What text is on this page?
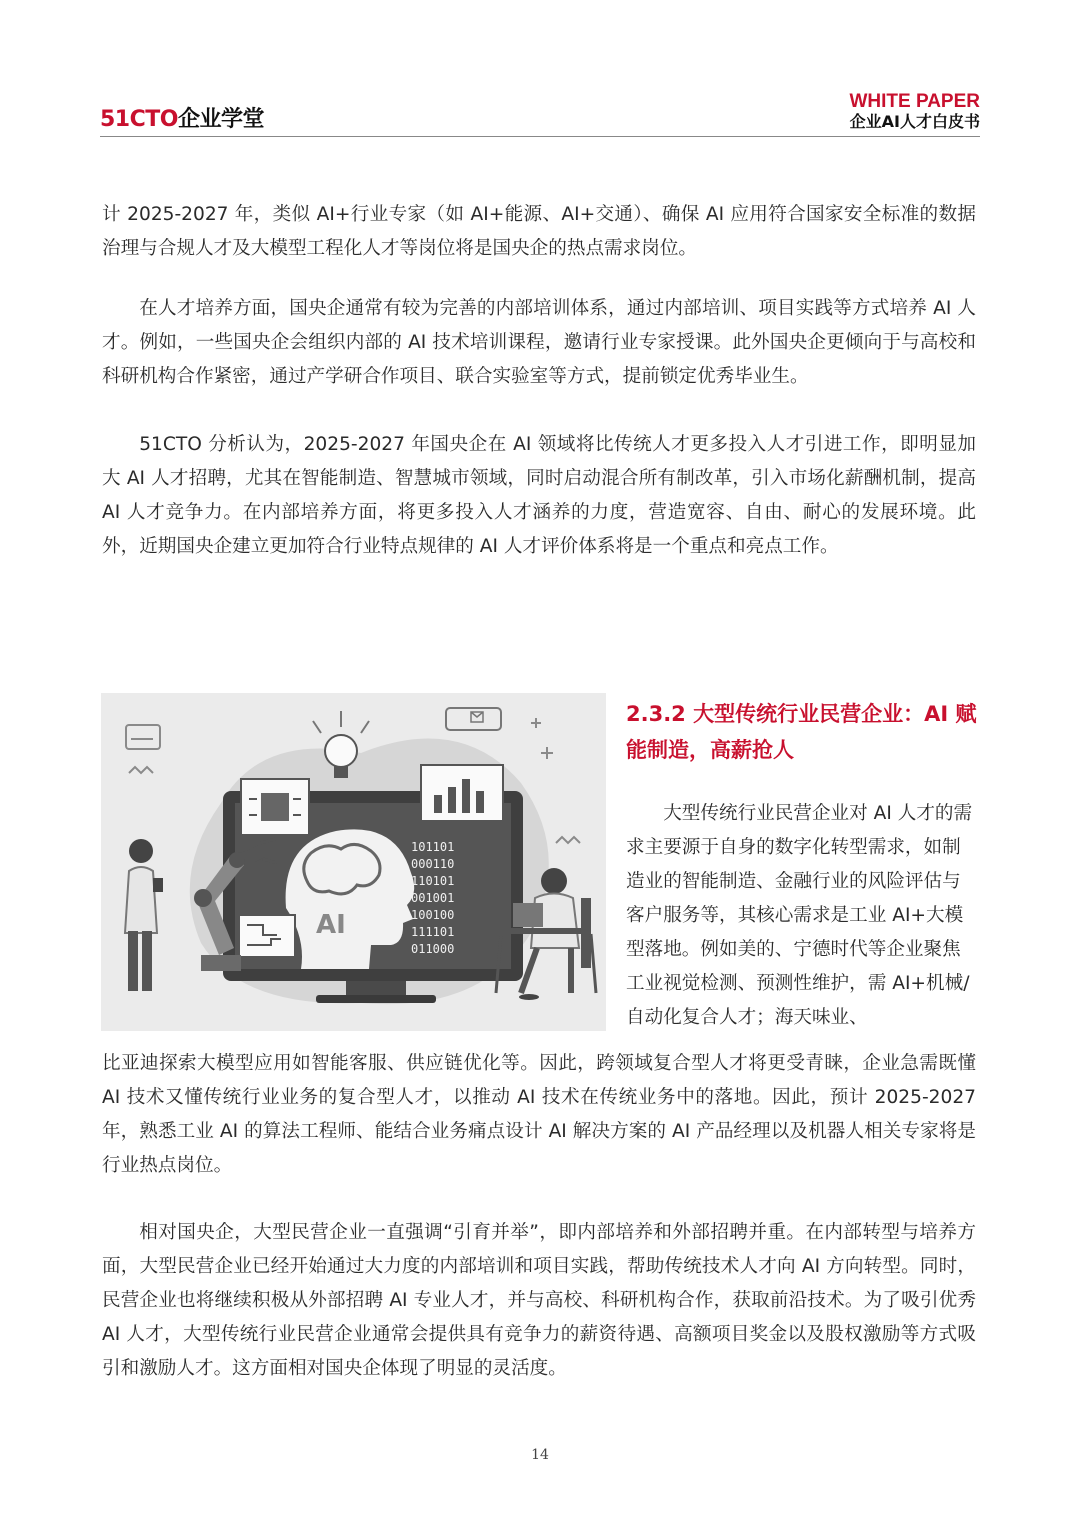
51CTO企业学堂
WHITE PAPER
企业AI人才白皮书

计 2025-2027 年，类似 AI+行业专家（如 AI+能源、AI+交通）、确保 AI 应用符合国家安全标准的数据治理与合规人才及大模型工程化人才等岗位将是国央企的热点需求岗位。

在人才培养方面，国央企通常有较为完善的内部培训体系，通过内部培训、项目实践等方式培养 AI 人才。例如，一些国央企会组织内部的 AI 技术培训课程，邀请行业专家授课。此外国央企更倾向于与高校和科研机构合作紧密，通过产学研合作项目、联合实验室等方式，提前锁定优秀毕业生。

51CTO 分析认为，2025-2027 年国央企在 AI 领域将比传统人才更多投入人才引进工作，即明显加大 AI 人才招聘，尤其在智能制造、智慧城市领域，同时启动混合所有制改革，引入市场化薪酬机制，提高 AI 人才竞争力。在内部培养方面，将更多投入人才涵养的力度，营造宽容、自由、耐心的发展环境。此外，近期国央企建立更加符合行业特点规律的 AI 人才评价体系将是一个重点和亮点工作。

AI
101101
000110
110101
001001
100100
111101
011000

2.3.2 大型传统行业民营企业：AI 赋能制造，高薪抢人

大型传统行业民营企业对 AI 人才的需求主要源于自身的数字化转型需求，如制造业的智能制造、金融行业的风险评估与客户服务等，其核心需求是工业 AI+大模型落地。例如美的、宁德时代等企业聚焦工业视觉检测、预测性维护，需 AI+机械/自动化复合人才；海天味业、

比亚迪探索大模型应用如智能客服、供应链优化等。因此，跨领域复合型人才将更受青睐，企业急需既懂 AI 技术又懂传统行业业务的复合型人才，以推动 AI 技术在传统业务中的落地。因此，预计 2025-2027 年，熟悉工业 AI 的算法工程师、能结合业务痛点设计 AI 解决方案的 AI 产品经理以及机器人相关专家将是行业热点岗位。

相对国央企，大型民营企业一直强调“引育并举”，即内部培养和外部招聘并重。在内部转型与培养方面，大型民营企业已经开始通过大力度的内部培训和项目实践，帮助传统技术人才向 AI 方向转型。同时，民营企业也将继续积极从外部招聘 AI 专业人才，并与高校、科研机构合作，获取前沿技术。为了吸引优秀 AI 人才，大型传统行业民营企业通常会提供具有竞争力的薪资待遇、高额项目奖金以及股权激励等方式吸引和激励人才。这方面相对国央企体现了明显的灵活度。

14
